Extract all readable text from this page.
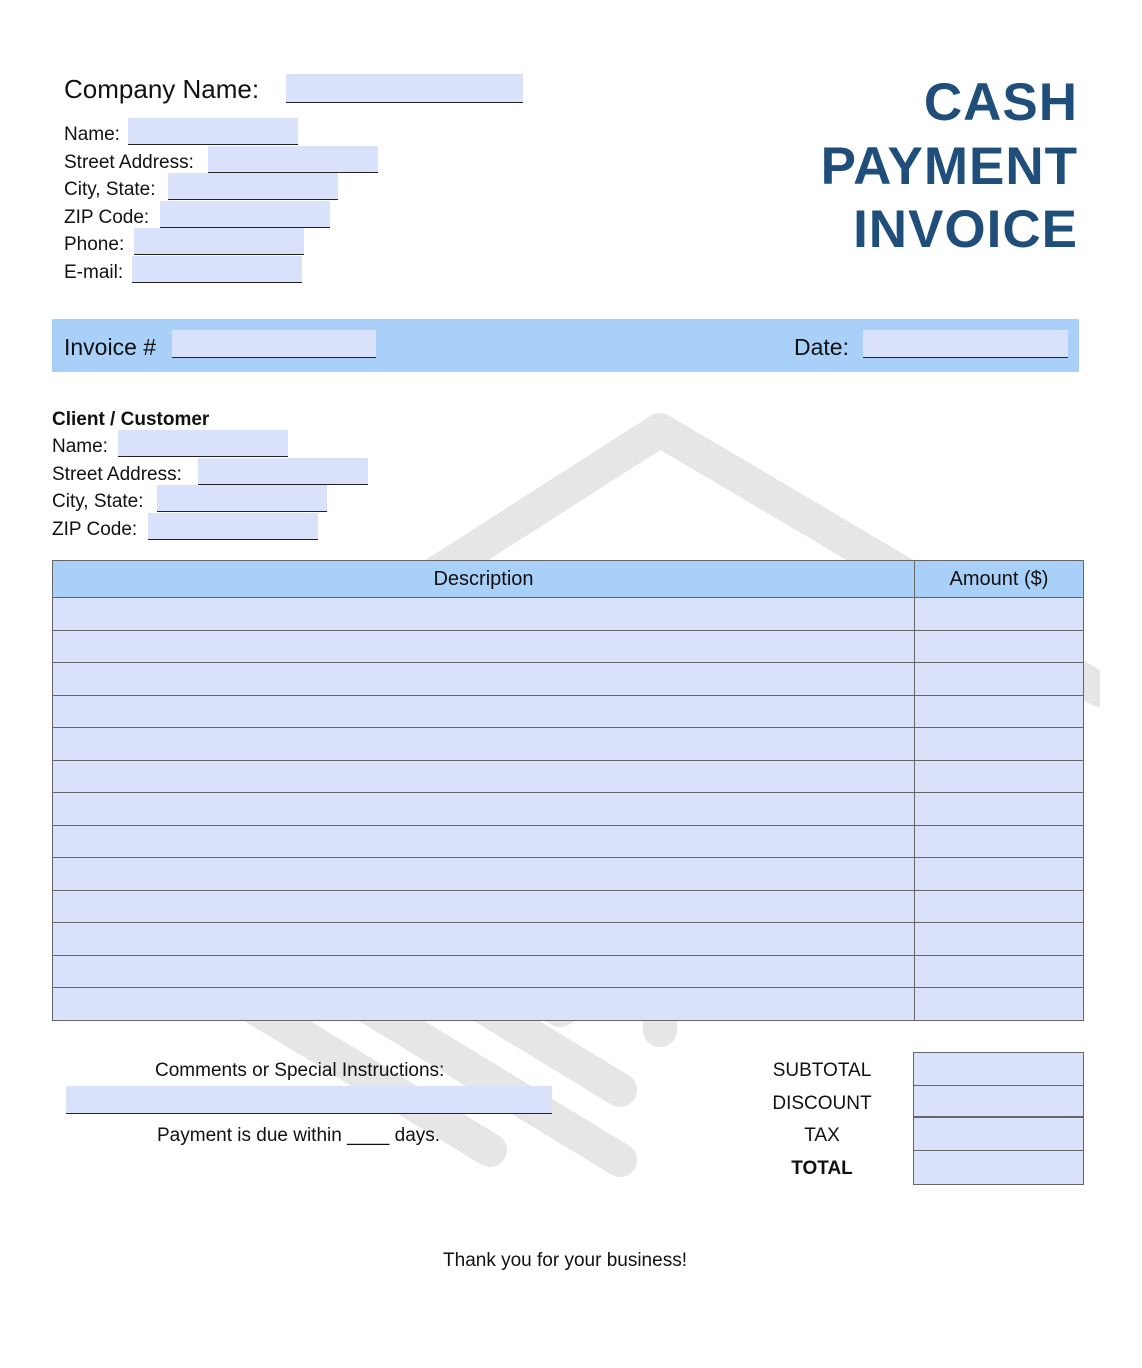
CASH
PAYMENT
INVOICE
Company Name:
Name:
Street Address:
City, State:
ZIP Code:
Phone:
E-mail:
Invoice #	Date:
Client / Customer
Name:
Street Address:
City, State:
ZIP Code:
Description	Amount ($)

Comments or Special Instructions:
Payment is due within ____ days.
SUBTOTAL
DISCOUNT
TAX
TOTAL
Thank you for your business!
